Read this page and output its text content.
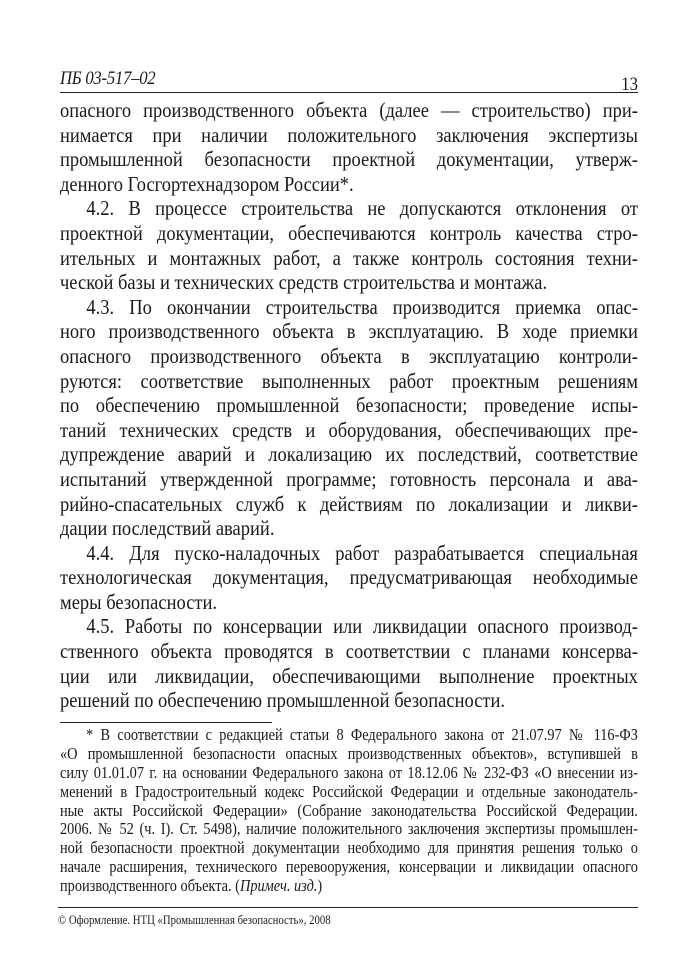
ПБ 03-517–02	13
опасного производственного объекта (далее — строительство) при-
нимается при наличии положительного заключения экспертизы
промышленной безопасности проектной документации, утверж-
денного Госгортехнадзором России*.
4.2. В процессе строительства не допускаются отклонения от
проектной документации, обеспечиваются контроль качества стро-
ительных и монтажных работ, а также контроль состояния техни-
ческой базы и технических средств строительства и монтажа.
4.3. По окончании строительства производится приемка опас-
ного производственного объекта в эксплуатацию. В ходе приемки
опасного производственного объекта в эксплуатацию контроли-
руются: соответствие выполненных работ проектным решениям
по обеспечению промышленной безопасности; проведение испы-
таний технических средств и оборудования, обеспечивающих пре-
дупреждение аварий и локализацию их последствий, соответствие
испытаний утвержденной программе; готовность персонала и ава-
рийно-спасательных служб к действиям по локализации и ликви-
дации последствий аварий.
4.4. Для пуско-наладочных работ разрабатывается специальная
технологическая документация, предусматривающая необходимые
меры безопасности.
4.5. Работы по консервации или ликвидации опасного производ-
ственного объекта проводятся в соответствии с планами консерва-
ции или ликвидации, обеспечивающими выполнение проектных
решений по обеспечению промышленной безопасности.
* В соответствии с редакцией статьи 8 Федерального закона от 21.07.97 № 116-ФЗ
«О промышленной безопасности опасных производственных объектов», вступившей в
силу 01.01.07 г. на основании Федерального закона от 18.12.06 № 232-ФЗ «О внесении из-
менений в Градостроительный кодекс Российской Федерации и отдельные законодатель-
ные акты Российской Федерации» (Собрание законодательства Российской Федерации.
2006. № 52 (ч. I). Ст. 5498), наличие положительного заключения экспертизы промышлен-
ной безопасности проектной документации необходимо для принятия решения только о
начале расширения, технического перевооружения, консервации и ликвидации опасного
производственного объекта. (Примеч. изд.)
© Оформление. НТЦ «Промышленная безопасность», 2008
